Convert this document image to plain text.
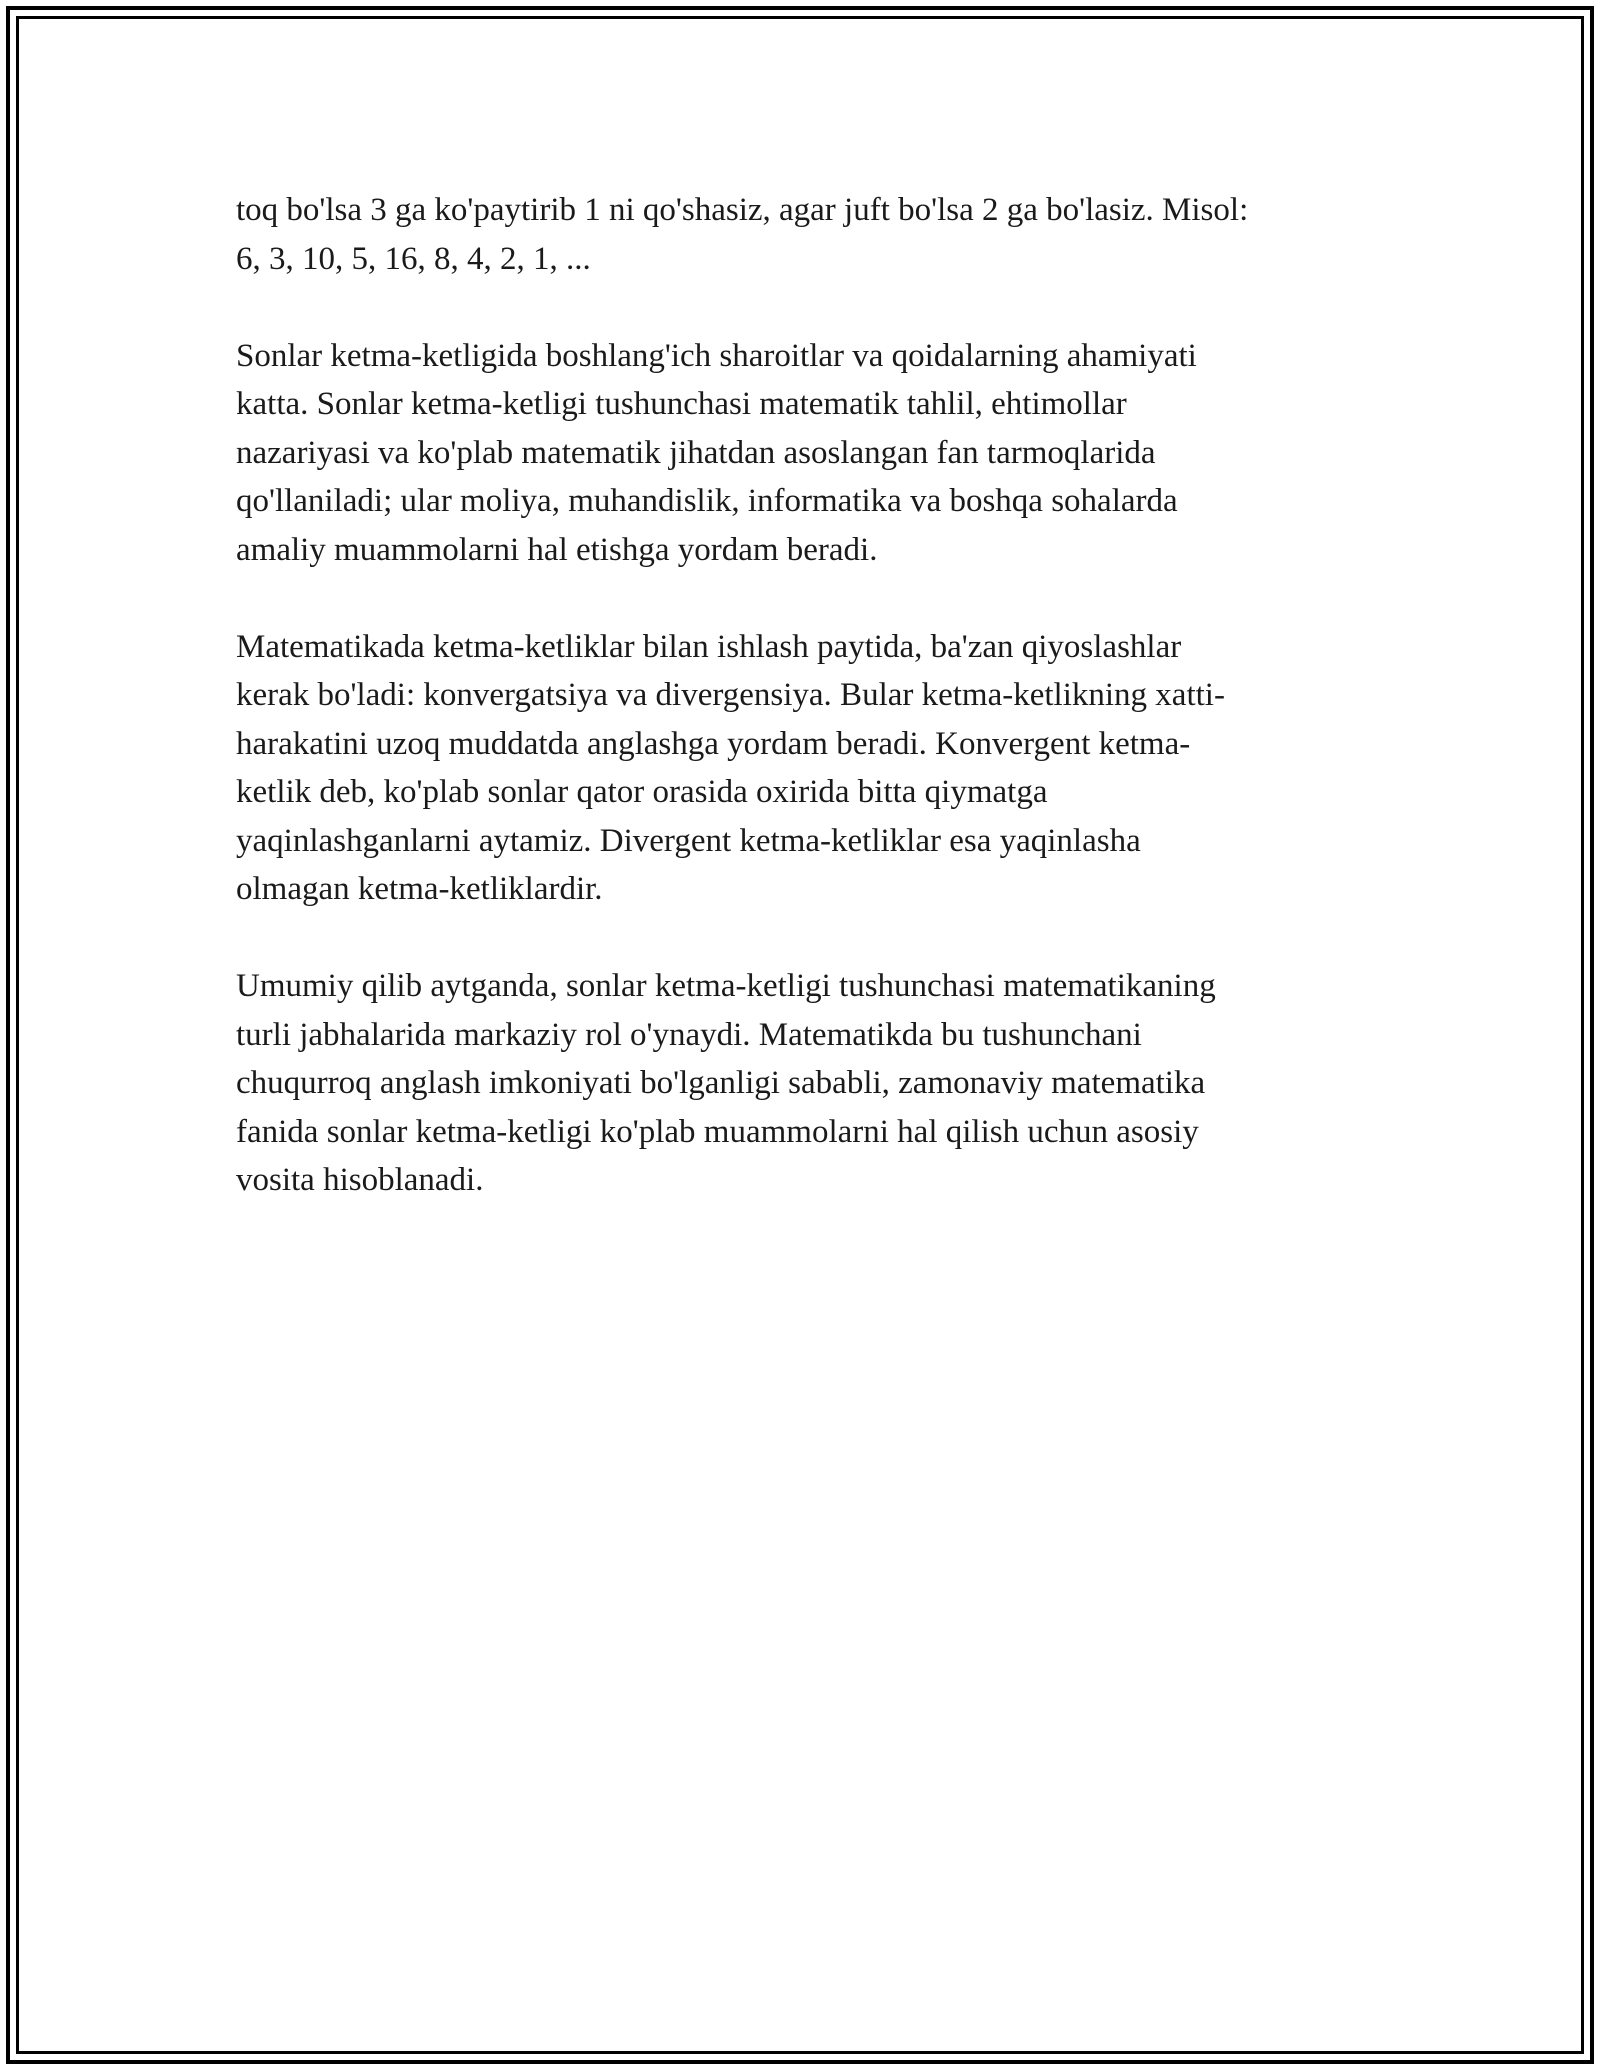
toq bo'lsa 3 ga ko'paytirib 1 ni qo'shasiz, agar juft bo'lsa 2 ga bo'lasiz. Misol:
6, 3, 10, 5, 16, 8, 4, 2, 1, ...

Sonlar ketma-ketligida boshlang'ich sharoitlar va qoidalarning ahamiyati
katta. Sonlar ketma-ketligi tushunchasi matematik tahlil, ehtimollar
nazariyasi va ko'plab matematik jihatdan asoslangan fan tarmoqlarida
qo'llaniladi; ular moliya, muhandislik, informatika va boshqa sohalarda
amaliy muammolarni hal etishga yordam beradi.

Matematikada ketma-ketliklar bilan ishlash paytida, ba'zan qiyoslashlar
kerak bo'ladi: konvergatsiya va divergensiya. Bular ketma-ketlikning xatti-
harakatini uzoq muddatda anglashga yordam beradi. Konvergent ketma-
ketlik deb, ko'plab sonlar qator orasida oxirida bitta qiymatga
yaqinlashganlarni aytamiz. Divergent ketma-ketliklar esa yaqinlasha
olmagan ketma-ketliklardir.

Umumiy qilib aytganda, sonlar ketma-ketligi tushunchasi matematikaning
turli jabhalarida markaziy rol o'ynaydi. Matematikda bu tushunchani
chuqurroq anglash imkoniyati bo'lganligi sababli, zamonaviy matematika
fanida sonlar ketma-ketligi ko'plab muammolarni hal qilish uchun asosiy
vosita hisoblanadi.
